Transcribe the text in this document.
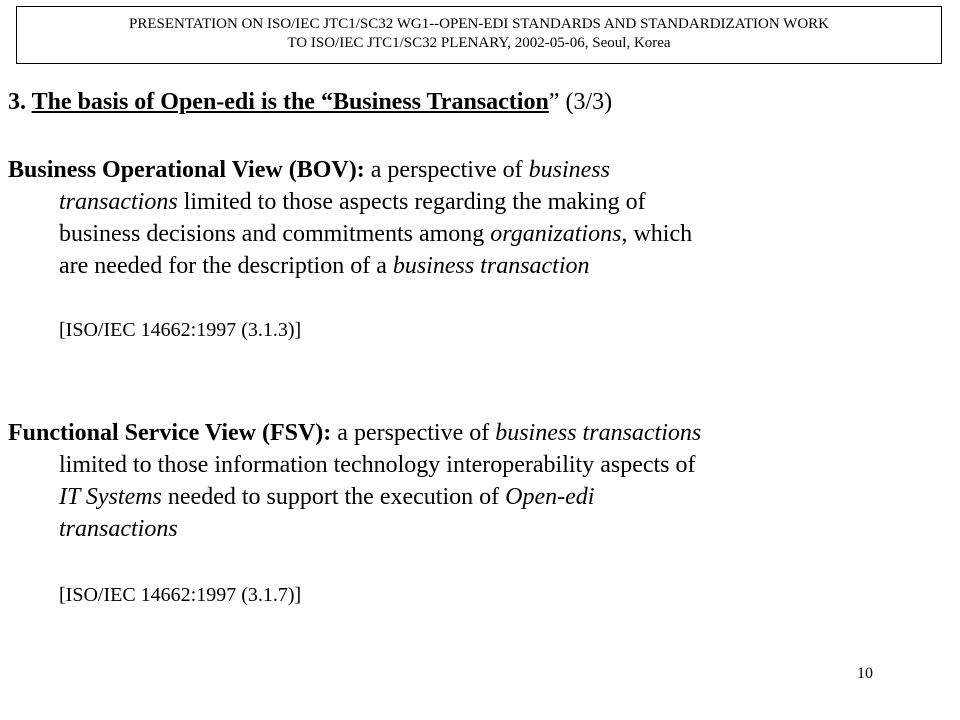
PRESENTATION ON ISO/IEC JTC1/SC32 WG1--OPEN-EDI STANDARDS AND STANDARDIZATION WORK
TO ISO/IEC JTC1/SC32 PLENARY, 2002-05-06, Seoul, Korea
3. The basis of Open-edi is the “Business Transaction” (3/3)
Business Operational View (BOV): a perspective of business
transactions limited to those aspects regarding the making of
business decisions and commitments among organizations, which
are needed for the description of a business transaction
[ISO/IEC 14662:1997 (3.1.3)]
Functional Service View (FSV): a perspective of business transactions
limited to those information technology interoperability aspects of
IT Systems needed to support the execution of Open-edi
transactions
[ISO/IEC 14662:1997 (3.1.7)]
10
